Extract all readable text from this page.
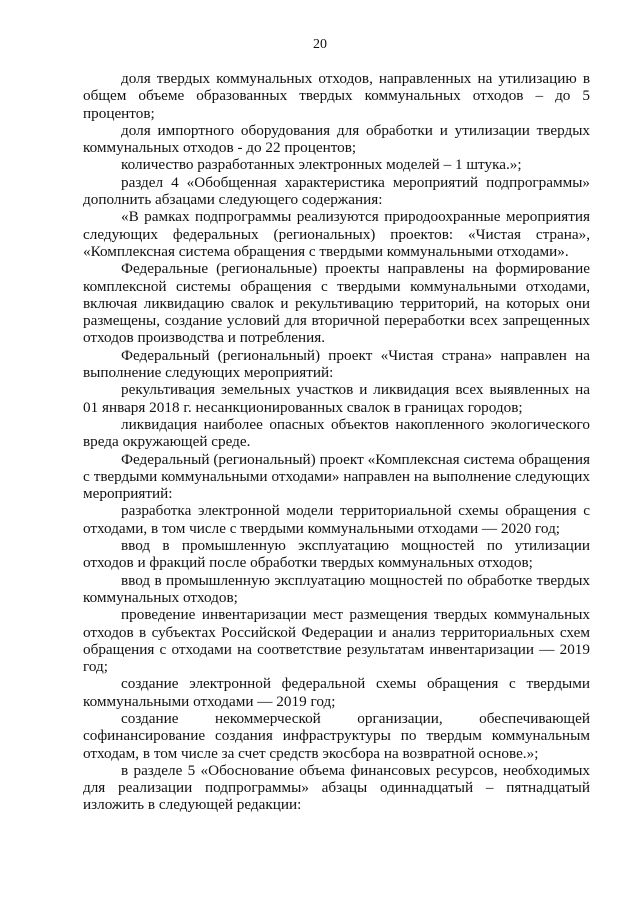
20

доля твердых коммунальных отходов, направленных на утилизацию в общем объеме образованных твердых коммунальных отходов – до 5 процентов;

доля импортного оборудования для обработки и утилизации твердых коммунальных отходов - до 22 процентов;

количество разработанных электронных моделей – 1 штука.»;

раздел 4 «Обобщенная характеристика мероприятий подпрограммы» дополнить абзацами следующего содержания:

«В рамках подпрограммы реализуются природоохранные мероприятия следующих федеральных (региональных) проектов: «Чистая страна», «Комплексная система обращения с твердыми коммунальными отходами».

Федеральные (региональные) проекты направлены на формирование комплексной системы обращения с твердыми коммунальными отходами, включая ликвидацию свалок и рекультивацию территорий, на которых они размещены, создание условий для вторичной переработки всех запрещенных отходов производства и потребления.

Федеральный (региональный) проект «Чистая страна» направлен на выполнение следующих мероприятий:

рекультивация земельных участков и ликвидация всех выявленных на 01 января 2018 г. несанкционированных свалок в границах городов;

ликвидация наиболее опасных объектов накопленного экологического вреда окружающей среде.

Федеральный (региональный) проект «Комплексная система обращения с твердыми коммунальными отходами» направлен на выполнение следующих мероприятий:

разработка электронной модели территориальной схемы обращения с отходами, в том числе с твердыми коммунальными отходами — 2020 год;

ввод в промышленную эксплуатацию мощностей по утилизации отходов и фракций после обработки твердых коммунальных отходов;

ввод в промышленную эксплуатацию мощностей по обработке твердых коммунальных отходов;

проведение инвентаризации мест размещения твердых коммунальных отходов в субъектах Российской Федерации и анализ территориальных схем обращения с отходами на соответствие результатам инвентаризации — 2019 год;

создание электронной федеральной схемы обращения с твердыми коммунальными отходами — 2019 год;

создание некоммерческой организации, обеспечивающей софинансирование создания инфраструктуры по твердым коммунальным отходам, в том числе за счет средств экосбора на возвратной основе.»;

в разделе 5 «Обоснование объема финансовых ресурсов, необходимых для реализации подпрограммы» абзацы одиннадцатый – пятнадцатый изложить в следующей редакции:
